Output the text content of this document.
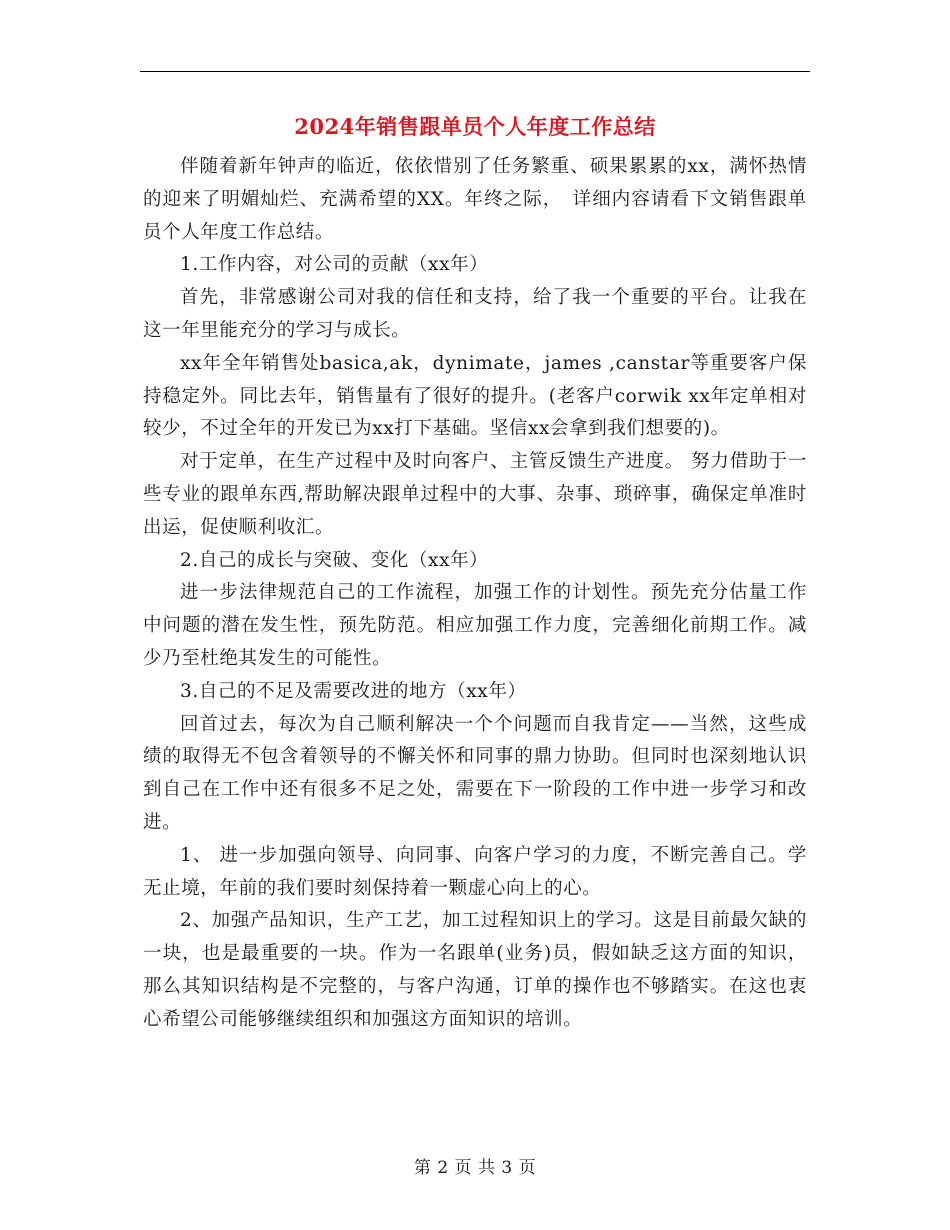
2024年销售跟单员个人年度工作总结

伴随着新年钟声的临近，依依惜别了任务繁重、硕果累累的xx，满怀热情的迎来了明媚灿烂、充满希望的XX。年终之际，　详细内容请看下文销售跟单员个人年度工作总结。

1.工作内容，对公司的贡献（xx年）

首先，非常感谢公司对我的信任和支持，给了我一个重要的平台。让我在这一年里能充分的学习与成长。

xx年全年销售处basica,ak，dynimate，james ,canstar等重要客户保持稳定外。同比去年，销售量有了很好的提升。(老客户corwik xx年定单相对较少，不过全年的开发已为xx打下基础。坚信xx会拿到我们想要的)。

对于定单，在生产过程中及时向客户、主管反馈生产进度。 努力借助于一些专业的跟单东西,帮助解决跟单过程中的大事、杂事、琐碎事，确保定单准时出运，促使顺利收汇。

2.自己的成长与突破、变化（xx年）

进一步法律规范自己的工作流程，加强工作的计划性。预先充分估量工作中问题的潜在发生性，预先防范。相应加强工作力度，完善细化前期工作。减少乃至杜绝其发生的可能性。

3.自己的不足及需要改进的地方（xx年）

回首过去，每次为自己顺利解决一个个问题而自我肯定——当然，这些成绩的取得无不包含着领导的不懈关怀和同事的鼎力协助。但同时也深刻地认识到自己在工作中还有很多不足之处，需要在下一阶段的工作中进一步学习和改进。

1、 进一步加强向领导、向同事、向客户学习的力度，不断完善自己。学无止境，年前的我们要时刻保持着一颗虚心向上的心。

2、加强产品知识，生产工艺，加工过程知识上的学习。这是目前最欠缺的一块，也是最重要的一块。作为一名跟单(业务)员，假如缺乏这方面的知识，那么其知识结构是不完整的，与客户沟通，订单的操作也不够踏实。在这也衷心希望公司能够继续组织和加强这方面知识的培训。

第 2 页 共 3 页
